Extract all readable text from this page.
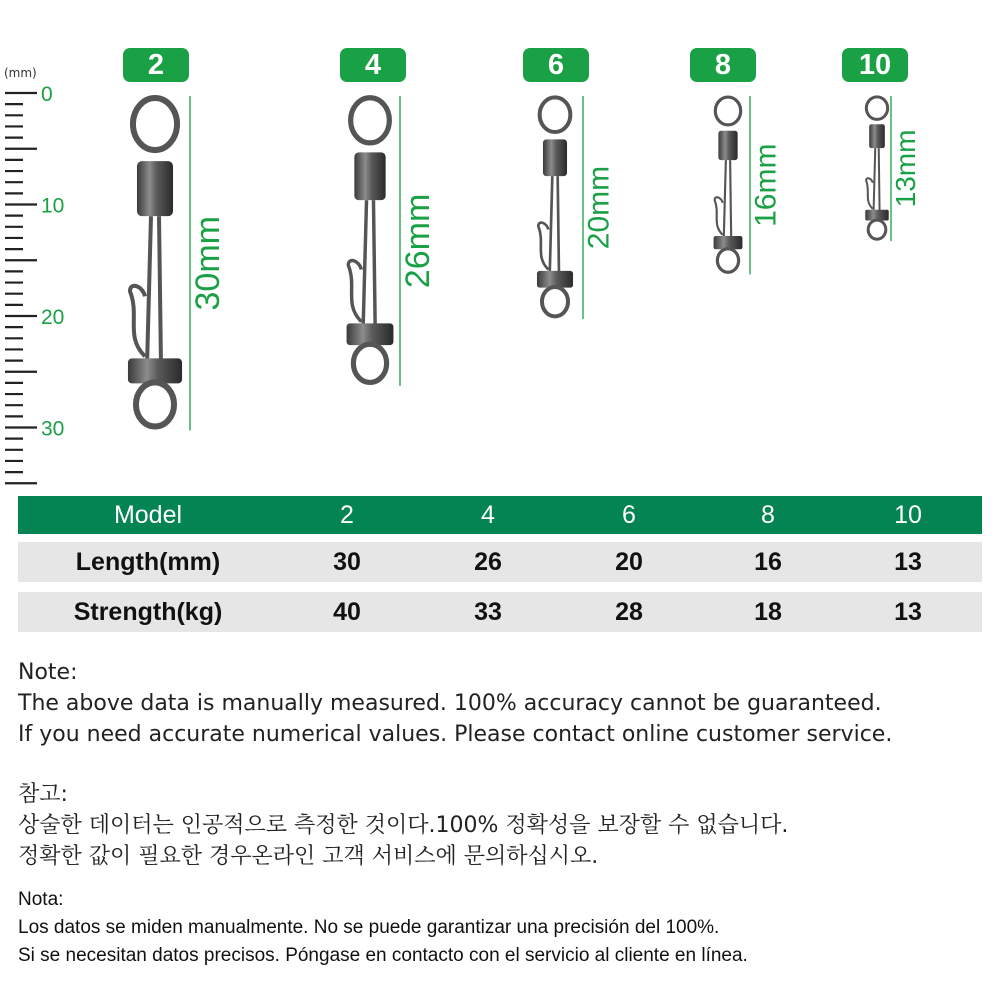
(mm)
0
10
20
30
2	4	6	8	10
30mm	26mm	20mm	16mm	13mm
Model	2	4	6	8	10
Length(mm)	30	26	20	16	13
Strength(kg)	40	33	28	18	13
Note:
The above data is manually measured. 100% accuracy cannot be guaranteed.
If you need accurate numerical values. Please contact online customer service.
참고:
상술한 데이터는 인공적으로 측정한 것이다.100% 정확성을 보장할 수 없습니다.
정확한 값이 필요한 경우온라인 고객 서비스에 문의하십시오.
Nota:
Los datos se miden manualmente. No se puede garantizar una precisión del 100%.
Si se necesitan datos precisos. Póngase en contacto con el servicio al cliente en línea.
